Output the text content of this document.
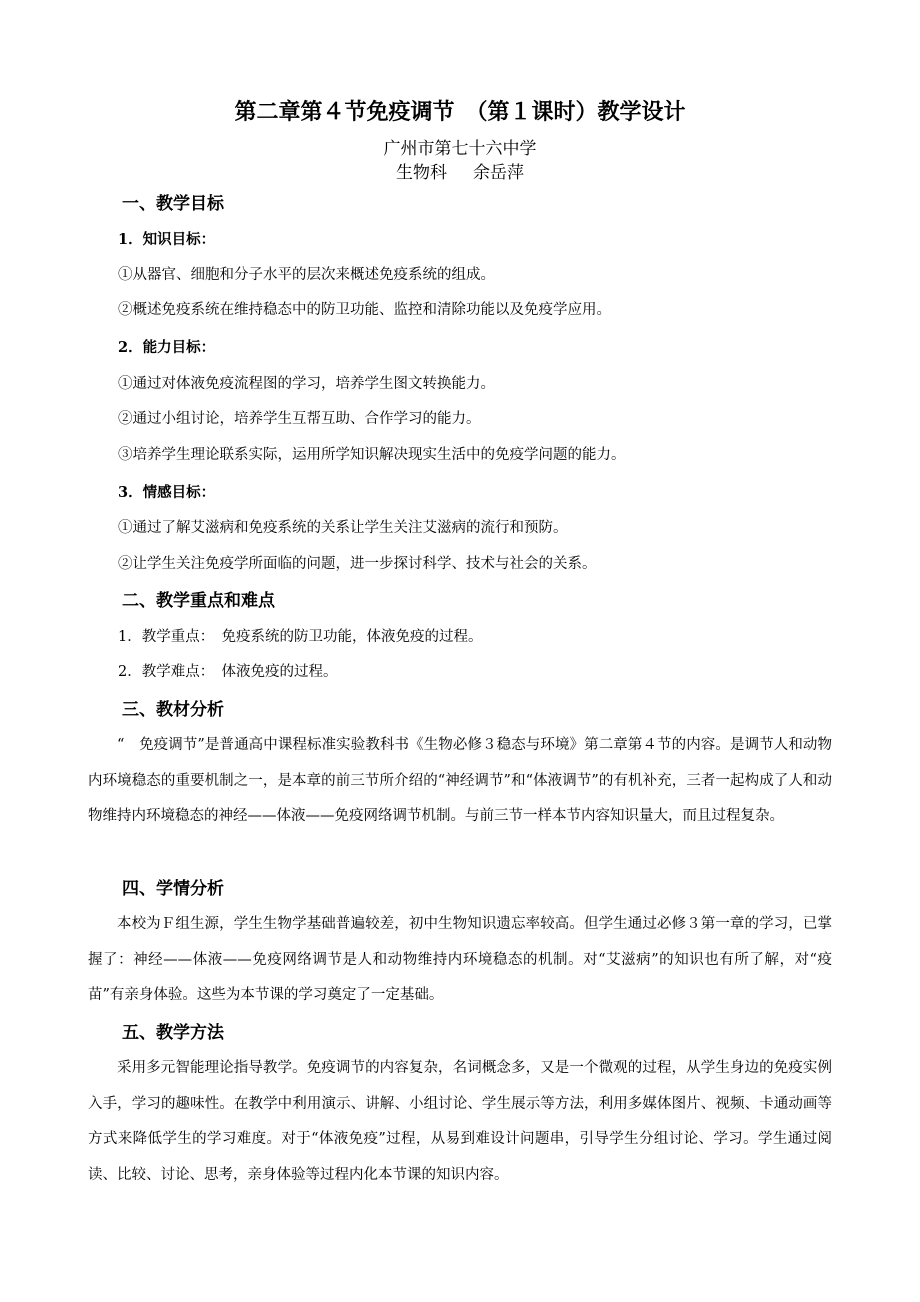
第二章第４节免疫调节　（第１课时）教学设计
广州市第七十六中学
生物科 余岳萍
一、教学目标
1．知识目标：
①从器官、细胞和分子水平的层次来概述免疫系统的组成。
②概述免疫系统在维持稳态中的防卫功能、监控和清除功能以及免疫学应用。
2．能力目标：
①通过对体液免疫流程图的学习，培养学生图文转换能力。
②通过小组讨论，培养学生互帮互助、合作学习的能力。
③培养学生理论联系实际，运用所学知识解决现实生活中的免疫学问题的能力。
3．情感目标：
①通过了解艾滋病和免疫系统的关系让学生关注艾滋病的流行和预防。
②让学生关注免疫学所面临的问题，进一步探讨科学、技术与社会的关系。
二、教学重点和难点
1．教学重点：　免疫系统的防卫功能，体液免疫的过程。
2．教学难点：　体液免疫的过程。
三、教材分析

“　免疫调节”是普通高中课程标准实验教科书《生物必修３稳态与环境》第二章第４节的内容。是调节人和动物内环境稳态的重要机制之一，是本章的前三节所介绍的“神经调节”和“体液调节”的有机补充，三者一起构成了人和动物维持内环境稳态的神经——体液——免疫网络调节机制。与前三节一样本节内容知识量大，而且过程复杂。

四、学情分析

本校为Ｆ组生源，学生生物学基础普遍较差，初中生物知识遗忘率较高。但学生通过必修３第一章的学习，已掌握了：神经——体液——免疫网络调节是人和动物维持内环境稳态的机制。对“艾滋病”的知识也有所了解，对“疫苗”有亲身体验。这些为本节课的学习奠定了一定基础。

五、教学方法

采用多元智能理论指导教学。免疫调节的内容复杂，名词概念多，又是一个微观的过程，从学生身边的免疫实例入手，学习的趣味性。在教学中利用演示、讲解、小组讨论、学生展示等方法，利用多媒体图片、视频、卡通动画等方式来降低学生的学习难度。对于“体液免疫”过程，从易到难设计问题串，引导学生分组讨论、学习。学生通过阅读、比较、讨论、思考，亲身体验等过程内化本节课的知识内容。
